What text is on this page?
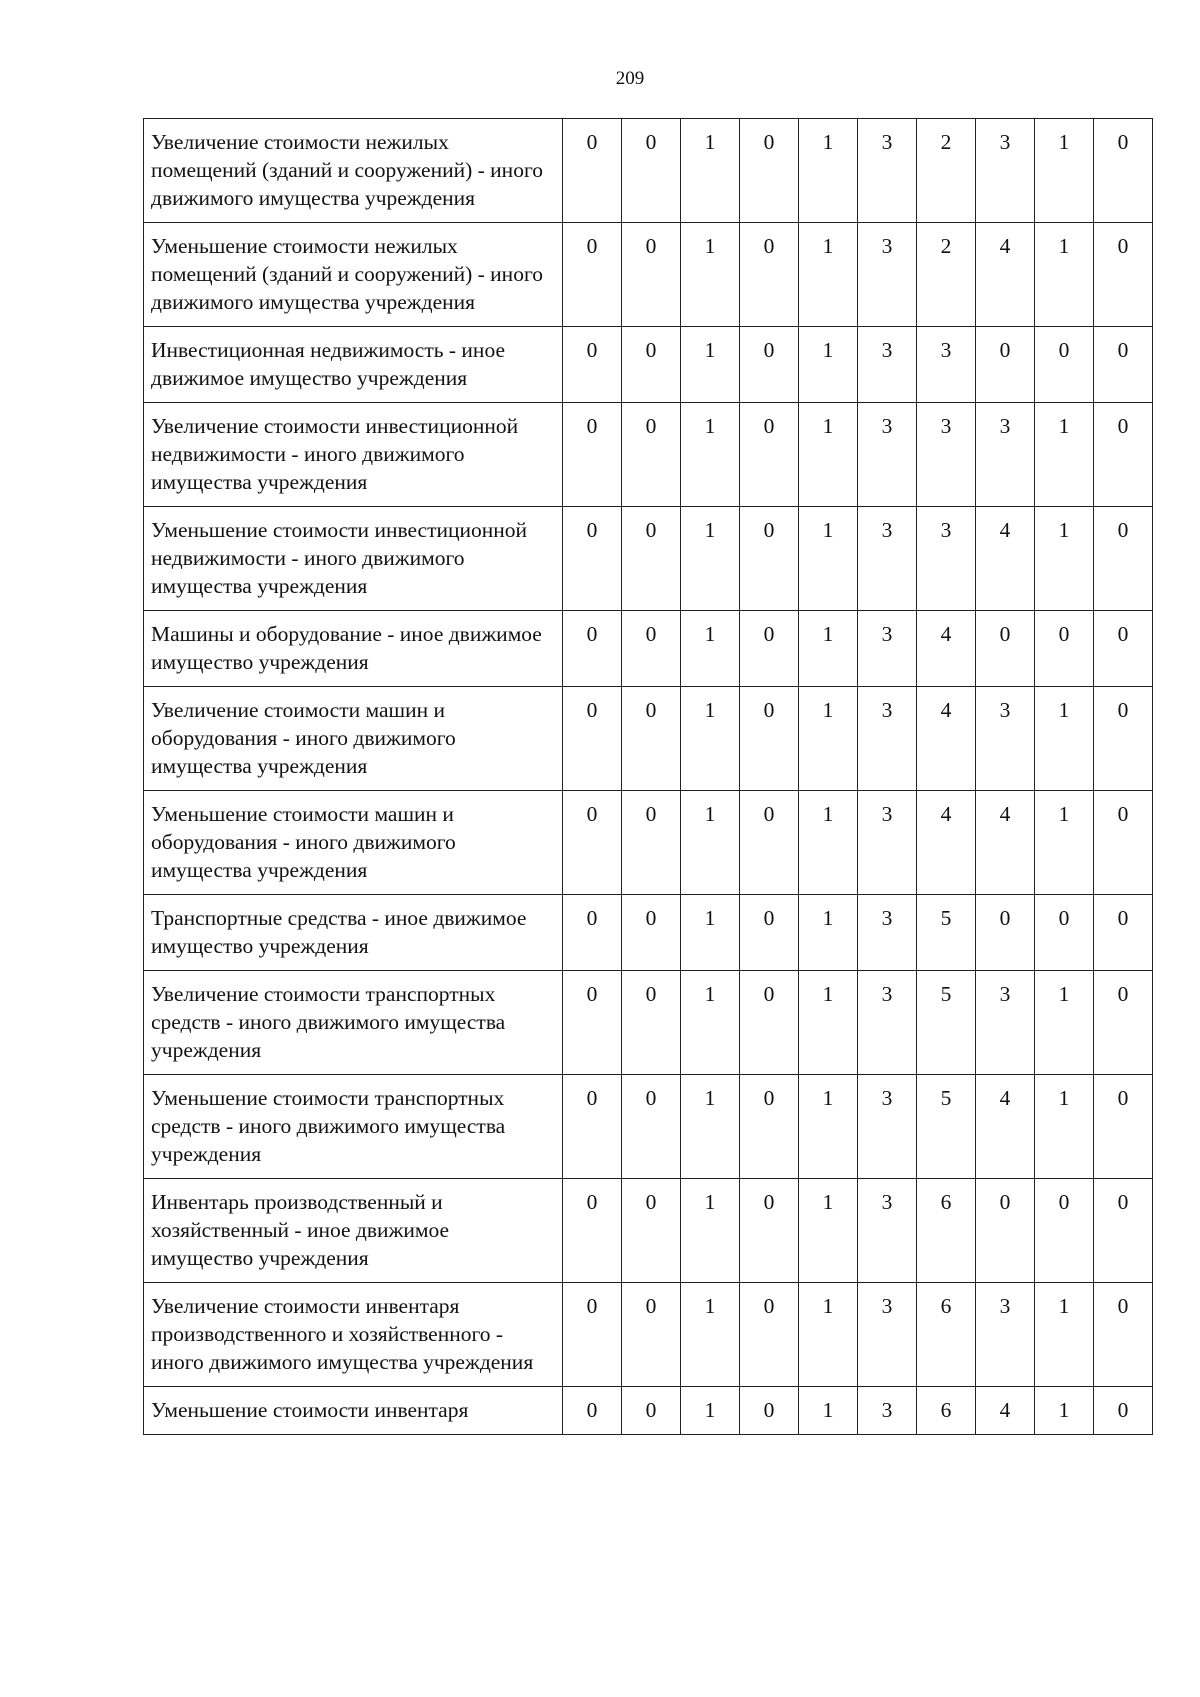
209
Увеличение стоимости нежилых помещений (зданий и сооружений) - иного движимого имущества учреждения	0	0	1	0	1	3	2	3	1	0
Уменьшение стоимости нежилых помещений (зданий и сооружений) - иного движимого имущества учреждения	0	0	1	0	1	3	2	4	1	0
Инвестиционная недвижимость - иное движимое имущество учреждения	0	0	1	0	1	3	3	0	0	0
Увеличение стоимости инвестиционной недвижимости - иного движимого имущества учреждения	0	0	1	0	1	3	3	3	1	0
Уменьшение стоимости инвестиционной недвижимости - иного движимого имущества учреждения	0	0	1	0	1	3	3	4	1	0
Машины и оборудование - иное движимое имущество учреждения	0	0	1	0	1	3	4	0	0	0
Увеличение стоимости машин и оборудования - иного движимого имущества учреждения	0	0	1	0	1	3	4	3	1	0
Уменьшение стоимости машин и оборудования - иного движимого имущества учреждения	0	0	1	0	1	3	4	4	1	0
Транспортные средства - иное движимое имущество учреждения	0	0	1	0	1	3	5	0	0	0
Увеличение стоимости транспортных средств - иного движимого имущества учреждения	0	0	1	0	1	3	5	3	1	0
Уменьшение стоимости транспортных средств - иного движимого имущества учреждения	0	0	1	0	1	3	5	4	1	0
Инвентарь производственный и хозяйственный - иное движимое имущество учреждения	0	0	1	0	1	3	6	0	0	0
Увеличение стоимости инвентаря производственного и хозяйственного - иного движимого имущества учреждения	0	0	1	0	1	3	6	3	1	0
Уменьшение стоимости инвентаря	0	0	1	0	1	3	6	4	1	0
